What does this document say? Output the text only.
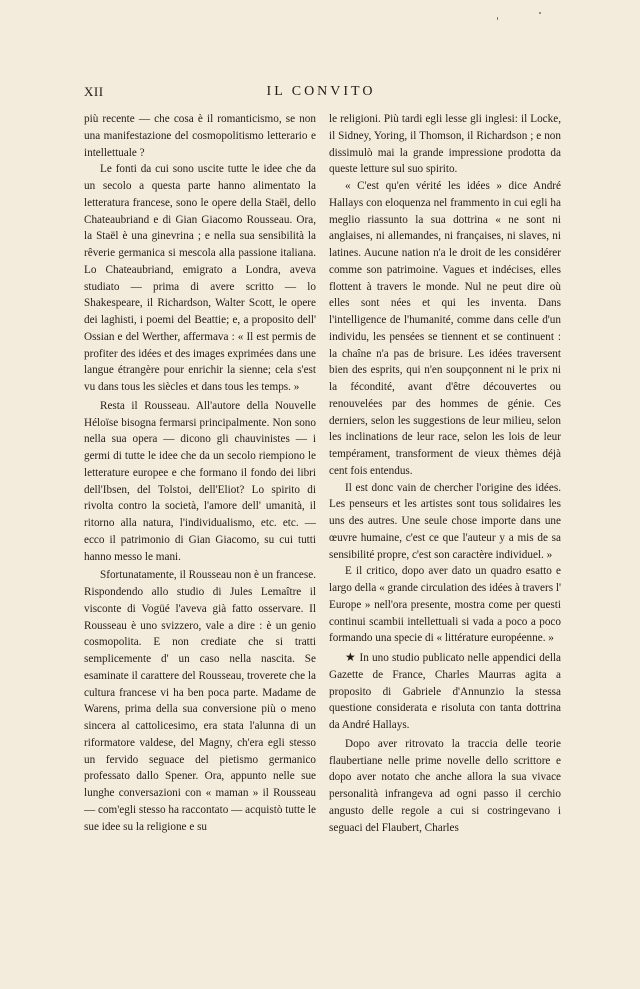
XII	IL CONVITO

più recente — che cosa è il romanticismo, se non una manifestazione del cosmopolitismo letterario e intellettuale ?

Le fonti da cui sono uscite tutte le idee che da un secolo a questa parte hanno alimentato la letteratura francese, sono le opere della Staël, dello Chateaubriand e di Gian Giacomo Rousseau. Ora, la Staël è una ginevrina ; e nella sua sensibilità la rêverie germanica si mescola alla passione italiana. Lo Chateaubriand, emigrato a Londra, aveva studiato — prima di avere scritto — lo Shakespeare, il Richardson, Walter Scott, le opere dei laghisti, i poemi del Beattie; e, a proposito dell' Ossian e del Werther, affermava : « Il est permis de profiter des idées et des images exprimées dans une langue étrangère pour enrichir la sienne; cela s'est vu dans tous les siècles et dans tous les temps. »

Resta il Rousseau. All'autore della Nouvelle Héloïse bisogna fermarsi principalmente. Non sono nella sua opera — dicono gli chauvinistes — i germi di tutte le idee che da un secolo riempiono le letterature europee e che formano il fondo dei libri dell'Ibsen, del Tolstoi, dell'Eliot? Lo spirito di rivolta contro la società, l'amore dell' umanità, il ritorno alla natura, l'individualismo, etc. etc. — ecco il patrimonio di Gian Giacomo, su cui tutti hanno messo le mani.

Sfortunatamente, il Rousseau non è un francese. Rispondendo allo studio di Jules Lemaître il visconte di Vogüé l'aveva già fatto osservare. Il Rousseau è uno svizzero, vale a dire : è un genio cosmopolita. E non crediate che si tratti semplicemente d' un caso nella nascita. Se esaminate il carattere del Rousseau, troverete che la cultura francese vi ha ben poca parte. Madame de Warens, prima della sua conversione più o meno sincera al cattolicesimo, era stata l'alunna di un riformatore valdese, del Magny, ch'era egli stesso un fervido seguace del pietismo germanico professato dallo Spener. Ora, appunto nelle sue lunghe conversazioni con « maman » il Rousseau — com'egli stesso ha raccontato — acquistò tutte le sue idee su la religione e su

le religioni. Più tardi egli lesse gli inglesi: il Locke, il Sidney, Yoring, il Thomson, il Richardson ; e non dissimulò mai la grande impressione prodotta da queste letture sul suo spirito.

« C'est qu'en vérité les idées » dice André Hallays con eloquenza nel frammento in cui egli ha meglio riassunto la sua dottrina « ne sont ni anglaises, ni allemandes, ni françaises, ni slaves, ni latines. Aucune nation n'a le droit de les considérer comme son patrimoine. Vagues et indécises, elles flottent à travers le monde. Nul ne peut dire où elles sont nées et qui les inventa. Dans l'intelligence de l'humanité, comme dans celle d'un individu, les pensées se tiennent et se continuent : la chaîne n'a pas de brisure. Les idées traversent bien des esprits, qui n'en soupçonnent ni le prix ni la fécondité, avant d'être découvertes ou renouvelées par des hommes de génie. Ces derniers, selon les suggestions de leur milieu, selon les inclinations de leur race, selon les lois de leur tempérament, transforment de vieux thèmes déjà cent fois entendus.

Il est donc vain de chercher l'origine des idées. Les penseurs et les artistes sont tous solidaires les uns des autres. Une seule chose importe dans une œuvre humaine, c'est ce que l'auteur y a mis de sa sensibilité propre, c'est son caractère individuel. »

E il critico, dopo aver dato un quadro esatto e largo della « grande circulation des idées à travers l' Europe » nell'ora presente, mostra come per questi continui scambii intellettuali si vada a poco a poco formando una specie di « littérature européenne. »

★ In uno studio publicato nelle appendici della Gazette de France, Charles Maurras agita a proposito di Gabriele d'Annunzio la stessa questione considerata e risoluta con tanta dottrina da André Hallays.

Dopo aver ritrovato la traccia delle teorie flaubertiane nelle prime novelle dello scrittore e dopo aver notato che anche allora la sua vivace personalità infrangeva ad ogni passo il cerchio angusto delle regole a cui si costringevano i seguaci del Flaubert, Charles
